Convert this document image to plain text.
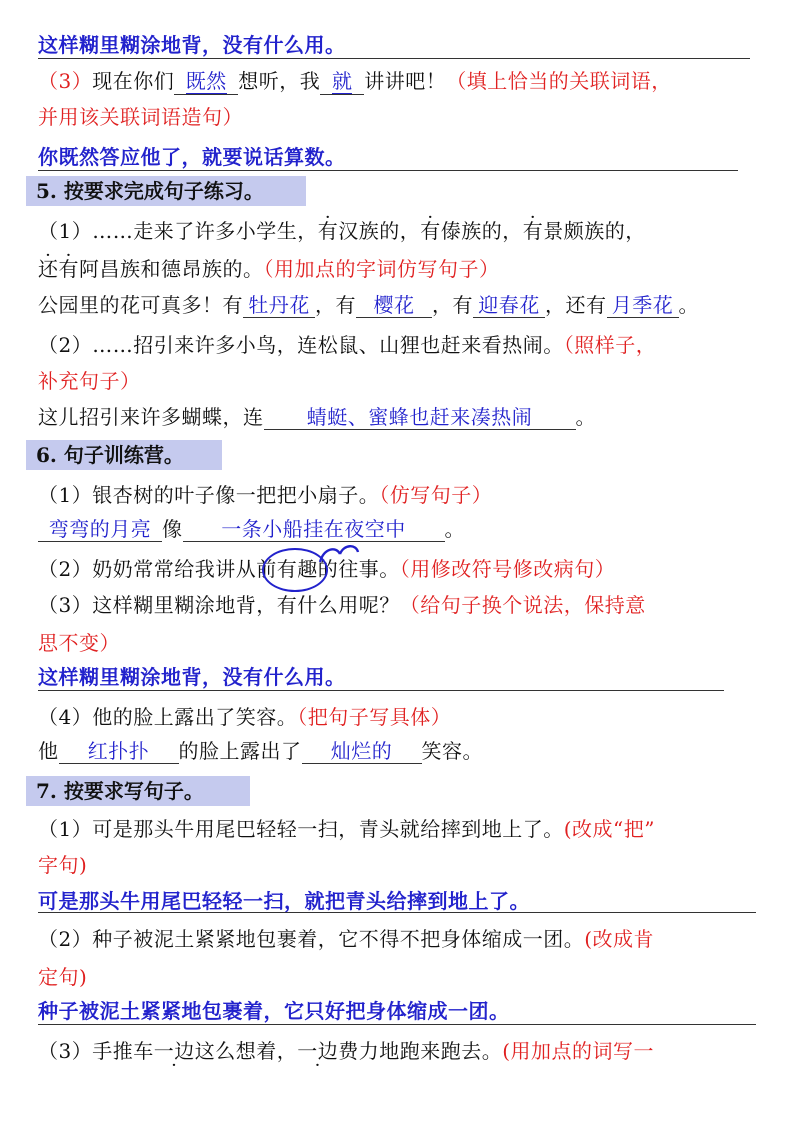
这样糊里糊涂地背，没有什么用。
（3）现在你们 既然 想听，我 就 讲讲吧！（填上恰当的关联词语，
并用该关联词语造句）
你既然答应他了，就要说话算数。
5. 按要求完成句子练习。
（1）……走来了许多小学生，有汉族的，有傣族的，有景颇族的，
还有阿昌族和德昂族的。（用加点的字词仿写句子）
公园里的花可真多！有 牡丹花 ，有 樱花 ，有 迎春花 ，还有 月季花 。
（2）……招引来许多小鸟，连松鼠、山狸也赶来看热闹。（照样子，
补充句子）
这儿招引来许多蝴蝶，连 蜻蜓、蜜蜂也赶来凑热闹 。
6. 句子训练营。
（1）银杏树的叶子像一把把小扇子。（仿写句子）
弯弯的月亮 像 一条小船挂在夜空中 。
（2）奶奶常常给我讲从前有趣的往事。（用修改符号修改病句）
（3）这样糊里糊涂地背，有什么用呢？（给句子换个说法，保持意
思不变）
这样糊里糊涂地背，没有什么用。
（4）他的脸上露出了笑容。（把句子写具体）
他 红扑扑 的脸上露出了 灿烂的 笑容。
7. 按要求写句子。
（1）可是那头牛用尾巴轻轻一扫，青头就给摔到地上了。(改成“把”
字句)
可是那头牛用尾巴轻轻一扫，就把青头给摔到地上了。
（2）种子被泥土紧紧地包裹着，它不得不把身体缩成一团。(改成肯
定句)
种子被泥土紧紧地包裹着，它只好把身体缩成一团。
（3）手推车一边这么想着，一边费力地跑来跑去。(用加点的词写一
